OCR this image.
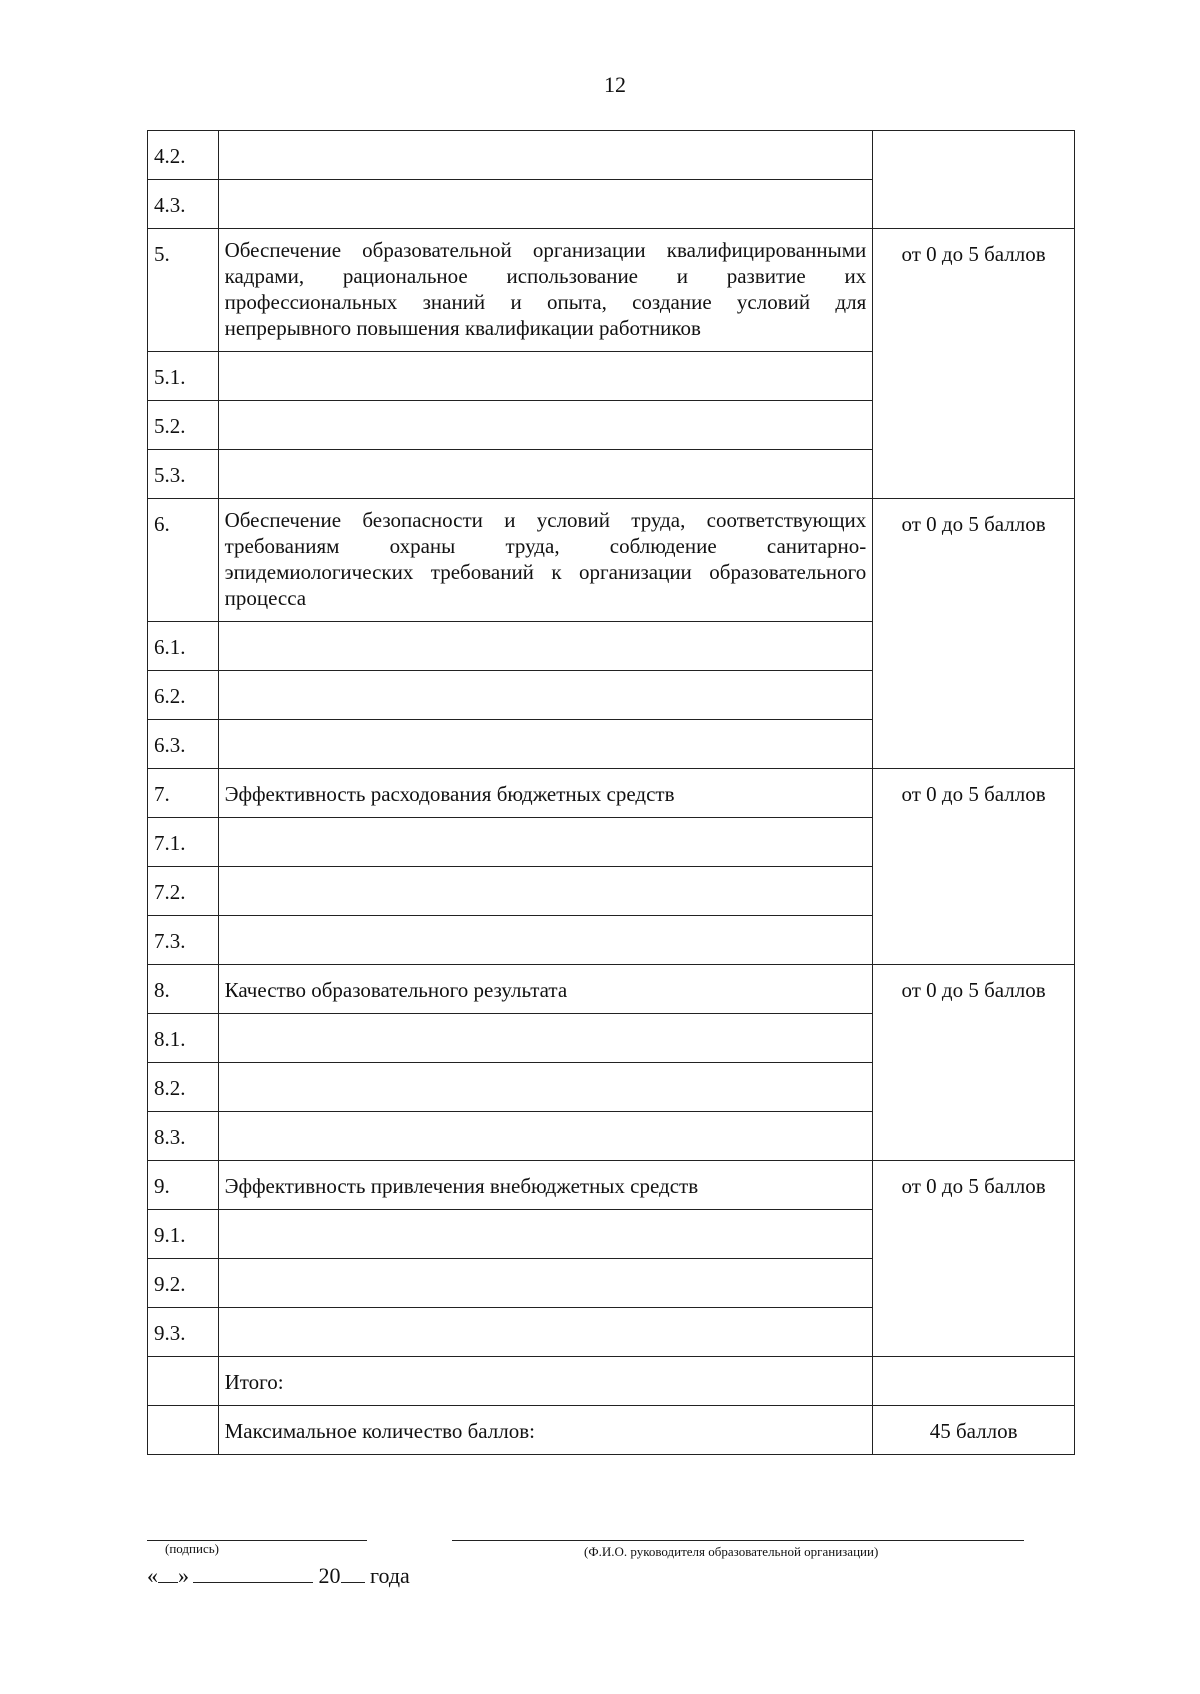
12
4.2.		
4.3.		
5.	Обеспечение образовательной организации квалифицированными кадрами, рациональное использование и развитие их профессиональных знаний и опыта, создание условий для непрерывного повышения квалификации работников	от 0 до 5 баллов
5.1.		
5.2.		
5.3.		
6.	Обеспечение безопасности и условий труда, соответствующих требованиям охраны труда, соблюдение санитарно-эпидемиологических требований к организации образовательного процесса	от 0 до 5 баллов
6.1.		
6.2.		
6.3.		
7.	Эффективность расходования бюджетных средств	от 0 до 5 баллов
7.1.		
7.2.		
7.3.		
8.	Качество образовательного результата	от 0 до 5 баллов
8.1.		
8.2.		
8.3.		
9.	Эффективность привлечения внебюджетных средств	от 0 до 5 баллов
9.1.		
9.2.		
9.3.		
	Итого:	
	Максимальное количество баллов:	45 баллов
(подпись)	(Ф.И.О. руководителя образовательной организации)
« »	20 года
